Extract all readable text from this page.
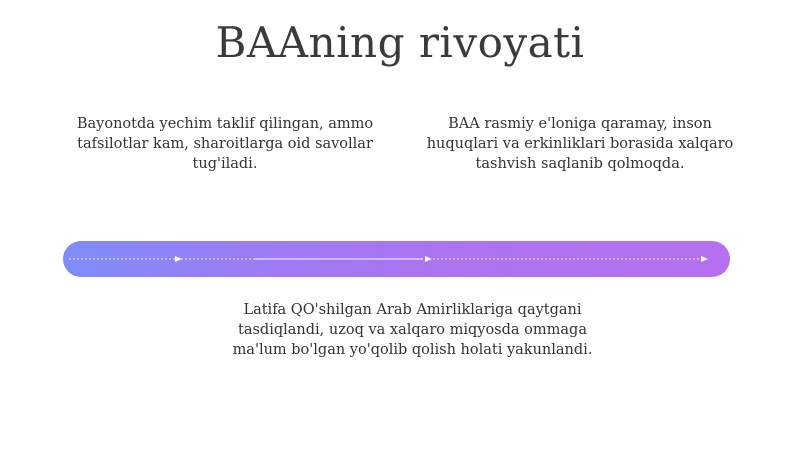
BAAning rivoyati
Bayonotda yechim taklif qilingan, ammo tafsilotlar kam, sharoitlarga oid savollar tug'iladi.
BAA rasmiy e'loniga qaramay, inson huquqlari va erkinliklari borasida xalqaro tashvish saqlanib qolmoqda.
Latifa QO'shilgan Arab Amirliklariga qaytgani tasdiqlandi, uzoq va xalqaro miqyosda ommaga ma'lum bo'lgan yo'qolib qolish holati yakunlandi.
